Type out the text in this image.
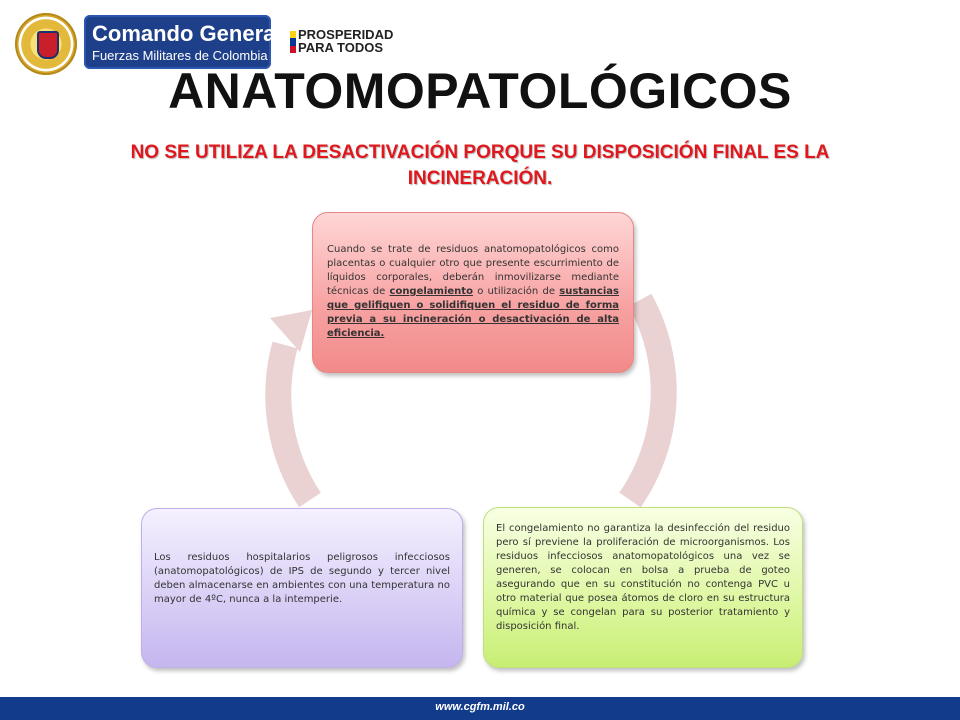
Comando General
Fuerzas Militares de Colombia
PROSPERIDAD
PARA TODOS
ANATOMOPATOLÓGICOS
NO SE UTILIZA LA DESACTIVACIÓN PORQUE SU DISPOSICIÓN FINAL ES LA INCINERACIÓN.
Cuando se trate de residuos anatomopatológicos como placentas o cualquier otro que presente escurrimiento de líquidos corporales, deberán inmovilizarse mediante técnicas de congelamiento o utilización de sustancias que gelifiquen o solidifiquen el residuo de forma previa a su incineración o desactivación de alta eficiencia.
El congelamiento no garantiza la desinfección del residuo pero sí previene la proliferación de microorganismos. Los residuos infecciosos anatomopatológicos una vez se generen, se colocan en bolsa a prueba de goteo asegurando que en su constitución no contenga PVC u otro material que posea átomos de cloro en su estructura química y se congelan para su posterior tratamiento y disposición final.
Los residuos hospitalarios peligrosos infecciosos (anatomopatológicos) de IPS de segundo y tercer nivel deben almacenarse en ambientes con una temperatura no mayor de 4ºC, nunca a la intemperie.
www.cgfm.mil.co
